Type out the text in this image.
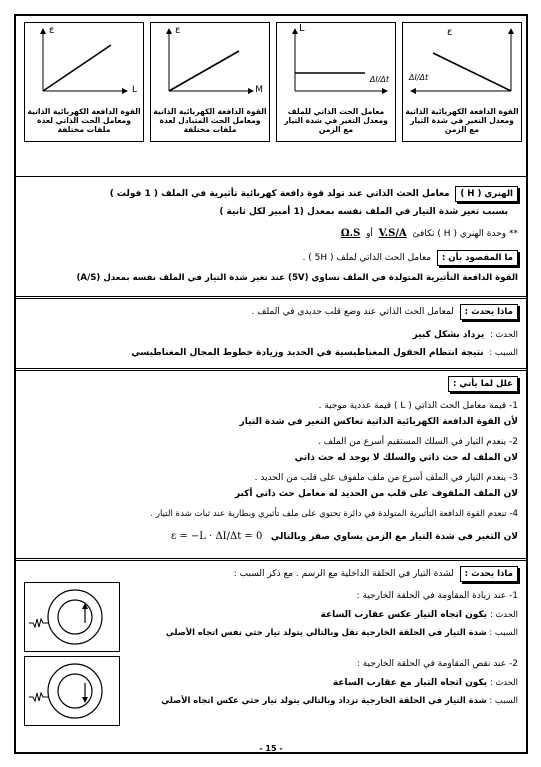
ε
ΔI/Δt
القوة الدافعة الكهربائية الذاتية ومعدل التغير في شدة التيار مع الزمن
L
ΔI/Δt
معامل الحث الذاتي للملف ومعدل التغير في شدة التيار مع الزمن
ε
M
القوة الدافعة الكهربائية الذاتية ومعامل الحث المتبادل لعدة ملفات مختلفة
ε
L
القوة الدافعة الكهربائية الذاتية ومعامل الحث الذاتي لعدة ملفات مختلفة
الهنري ( H )  معامل الحث الذاتي عند تولد قوة دافعة كهربائية تأثيرية في الملف ( 1 فولت )
بسبب تغير شدة التيار في الملف نفسه بمعدل (1 أمبير لكل ثانية )
** وحدة الهنري ( H ) تكافئ  V.S/A  أو  Ω.S
ما المقصود بأن :  معامل الحث الذاتي لملف ( 5H ) .
القوة الدافعة التأثيرية المتولدة في الملف تساوي (5V) عند تغير شدة التيار في الملف نفسه بمعدل (A/S)
ماذا يحدث :  لمعامل الحث الذاتي عند وضع قلب حديدي في الملف .
الحدث :  يزداد بشكل كبير
السبب :  نتيجة انتظام الحقول المغناطيسية في الحديد وزيادة خطوط المجال المغناطيسي
علل لما يأتي :
1- قيمة معامل الحث الذاتي ( L ) قيمة عددية موجبة .
لأن القوة الدافعة الكهربائية الذاتية تعاكس التغير في شدة التيار
2- ينعدم التيار في السلك المستقيم أسرع من الملف .
لان الملف له حث ذاتي والسلك لا يوجد له حث ذاتي
3- ينعدم التيار في الملف أسرع من ملف ملفوف على قلب من الحديد .
لان الملف الملفوف على قلب من الحديد له معامل حث ذاتي أكبر
4- تنعدم القوة الدافعة التأثيرية المتولدة في دائرة تحتوي على ملف تأثيري وبطارية عند ثبات شدة التيار .
لان التغير في شدة التيار مع الزمن يساوي صفر وبالتالي   ε = −L · ΔI/Δt = 0
ماذا يحدث :  لشدة التيار في الحلقة الداخلية مع الرسم . مع ذكر السبب :
1- عند زيادة المقاومة في الحلقة الخارجية :
الحدث : يكون اتجاه التيار عكس عقارب الساعة
السبب : شدة التيار في الحلقة الخارجية تقل وبالتالي يتولد تيار حثي نفس اتجاه الأصلي
2- عند نقص المقاومة في الحلقة الخارجية :
الحدث : يكون اتجاه التيار مع عقارب الساعة
السبب : شدة التيار في الحلقة الخارجية تزداد وبالتالي يتولد تيار حثي عكس اتجاه الأصلي
- 15 -
